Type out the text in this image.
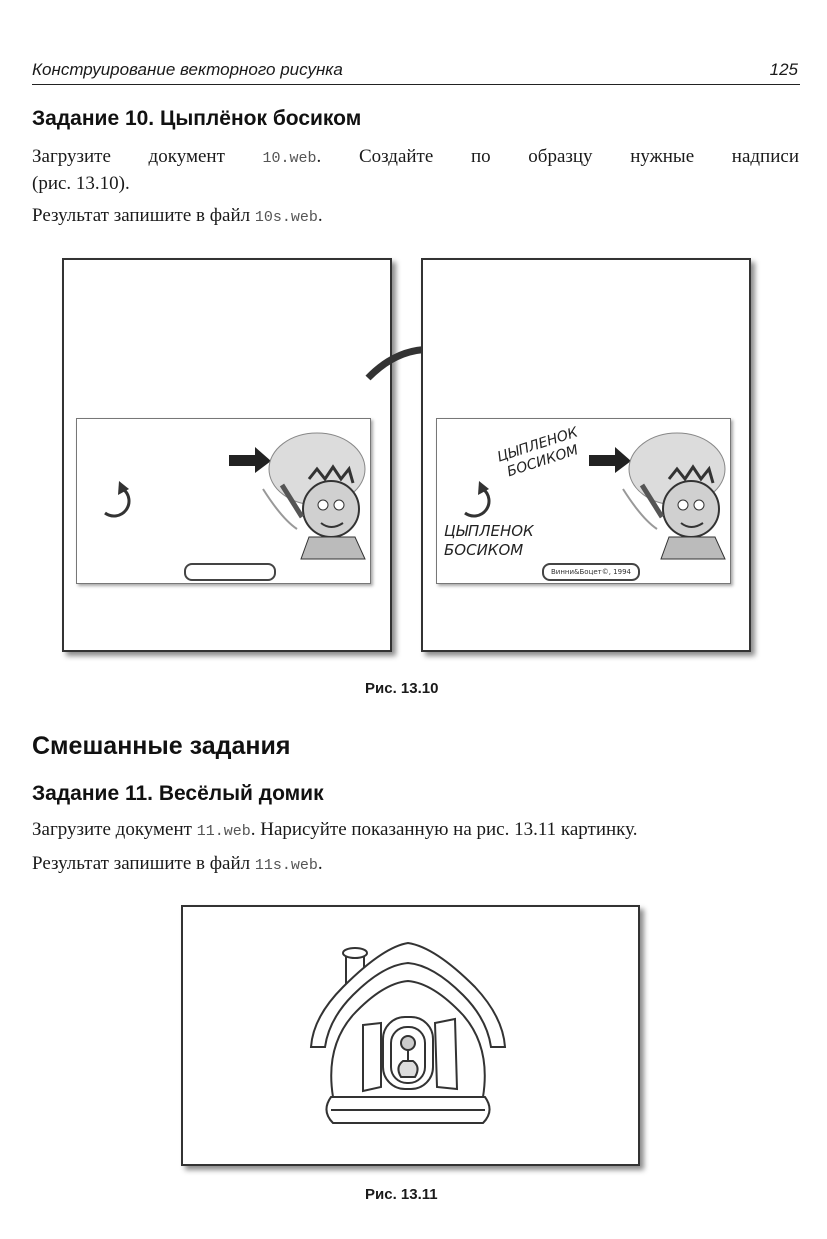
Конструирование векторного рисунка	125
Задание 10. Цыплёнок босиком
Загрузите документ 10.web. Создайте по образцу нужные надписи
(рис. 13.10).
Результат запишите в файл 10s.web.
ЦЫПЛЕНОК БОСИКОМ
ЦЫПЛЕНОК
БОСИКОМ
Винни&Боцет©, 1994
Рис. 13.10
Смешанные задания
Задание 11. Весёлый домик
Загрузите документ 11.web. Нарисуйте показанную на рис. 13.11 картинку.
Результат запишите в файл 11s.web.
Рис. 13.11
